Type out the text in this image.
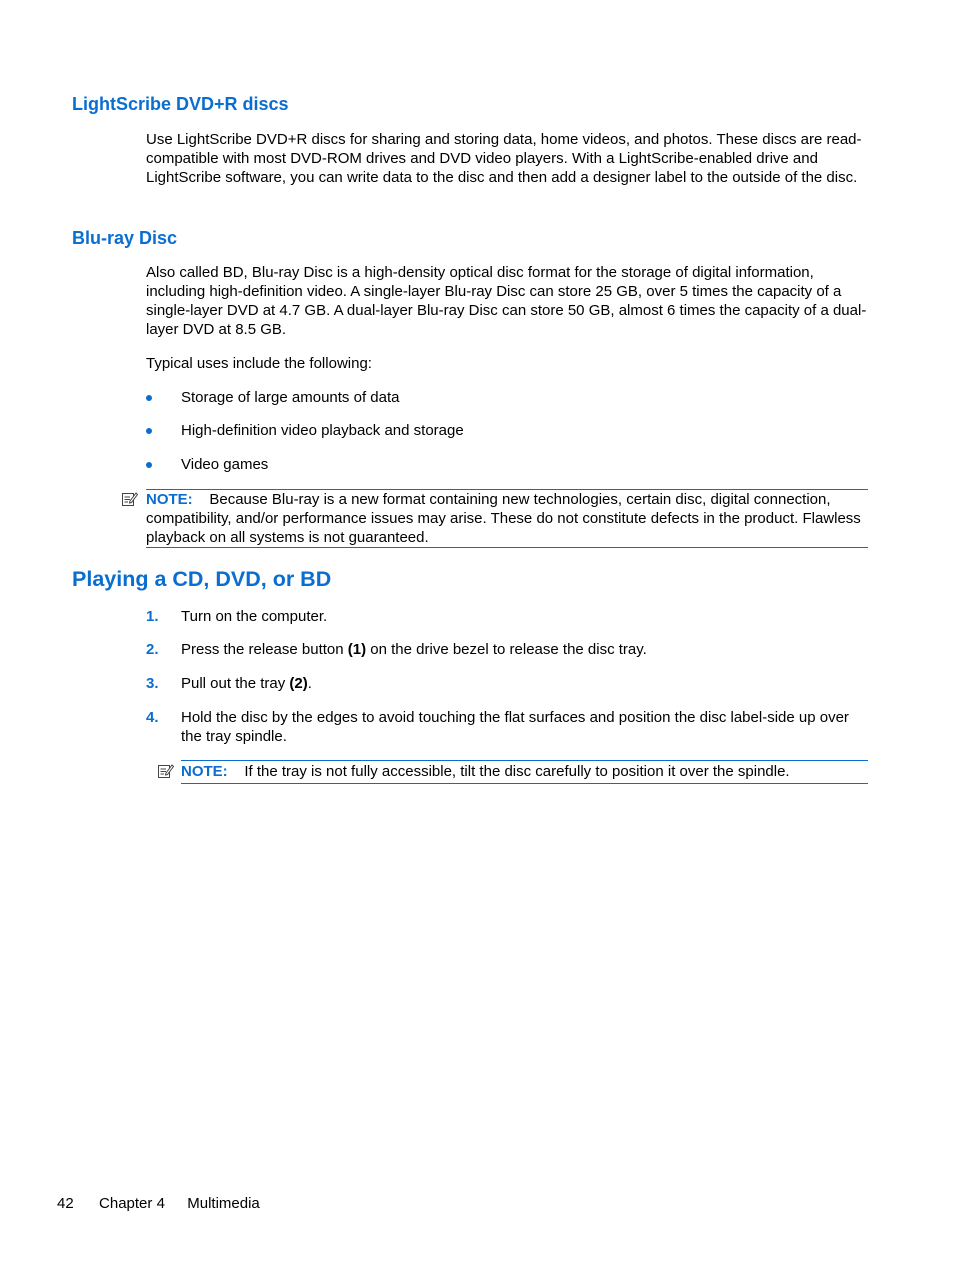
LightScribe DVD+R discs

Use LightScribe DVD+R discs for sharing and storing data, home videos, and photos. These discs are read-compatible with most DVD-ROM drives and DVD video players. With a LightScribe-enabled drive and LightScribe software, you can write data to the disc and then add a designer label to the outside of the disc.

Blu-ray Disc

Also called BD, Blu-ray Disc is a high-density optical disc format for the storage of digital information, including high-definition video. A single-layer Blu-ray Disc can store 25 GB, over 5 times the capacity of a single-layer DVD at 4.7 GB. A dual-layer Blu-ray Disc can store 50 GB, almost 6 times the capacity of a dual-layer DVD at 8.5 GB.

Typical uses include the following:

Storage of large amounts of data
High-definition video playback and storage
Video games
NOTE: Because Blu-ray is a new format containing new technologies, certain disc, digital connection, compatibility, and/or performance issues may arise. These do not constitute defects in the product. Flawless playback on all systems is not guaranteed.
Playing a CD, DVD, or BD
1. Turn on the computer.
2. Press the release button (1) on the drive bezel to release the disc tray.
3. Pull out the tray (2).
4. Hold the disc by the edges to avoid touching the flat surfaces and position the disc label-side up over the tray spindle.
NOTE: If the tray is not fully accessible, tilt the disc carefully to position it over the spindle.
42 Chapter 4 Multimedia
